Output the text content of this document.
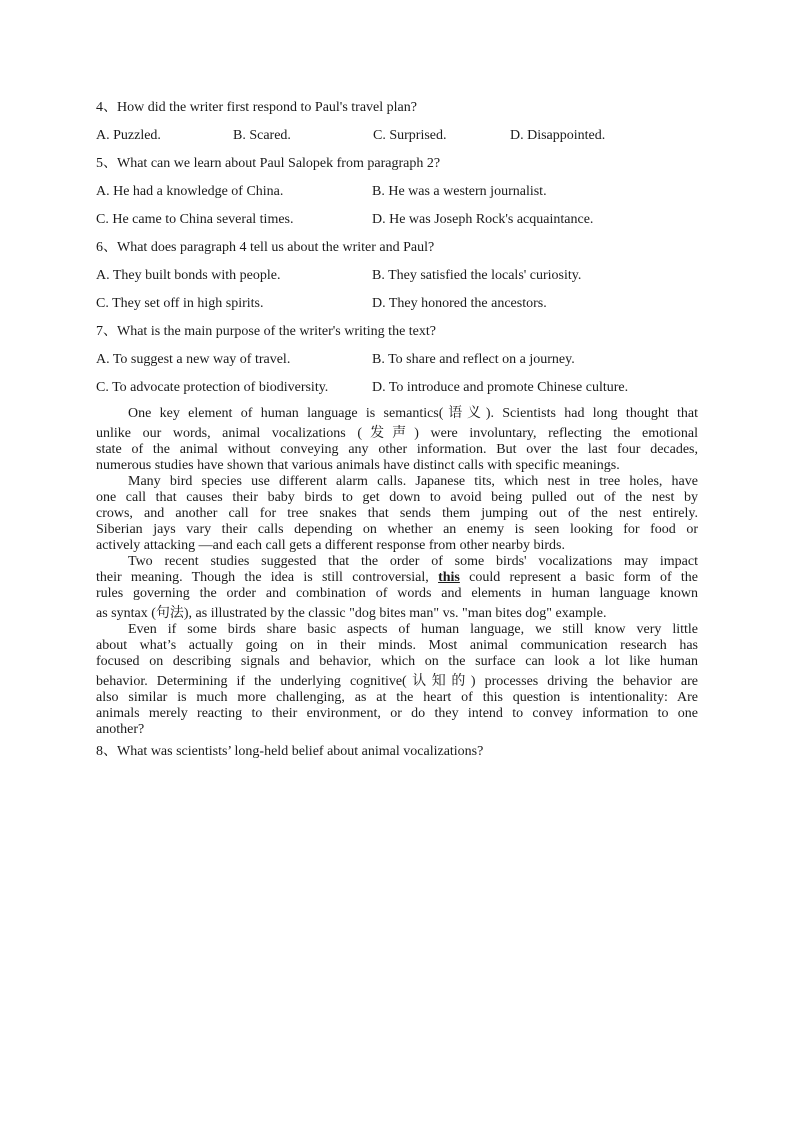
4、How did the writer first respond to Paul's travel plan?

A. Puzzled.	B. Scared.	C. Surprised.	D. Disappointed.

5、What can we learn about Paul Salopek from paragraph 2?

A. He had a knowledge of China.	B. He was a western journalist.
C. He came to China several times.	D. He was Joseph Rock's acquaintance.

6、What does paragraph 4 tell us about the writer and Paul?

A. They built bonds with people.	B. They satisfied the locals' curiosity.
C. They set off in high spirits.	D. They honored the ancestors.

7、What is the main purpose of the writer's writing the text?

A. To suggest a new way of travel.	B. To share and reflect on a journey.
C. To advocate protection of biodiversity.	D. To introduce and promote Chinese culture.
One key element of human language is semantics(语义). Scientists had long thought that
unlike our words, animal vocalizations (发声) were involuntary, reflecting the emotional
state of the animal without conveying any other information. But over the last four decades,
numerous studies have shown that various animals have distinct calls with specific meanings.
Many bird species use different alarm calls. Japanese tits, which nest in tree holes, have
one call that causes their baby birds to get down to avoid being pulled out of the nest by
crows, and another call for tree snakes that sends them jumping out of the nest entirely.
Siberian jays vary their calls depending on whether an enemy is seen looking for food or
actively attacking —and each call gets a different response from other nearby birds.
Two recent studies suggested that the order of some birds' vocalizations may impact
their meaning. Though the idea is still controversial, this could represent a basic form of the
rules governing the order and combination of words and elements in human language known
as syntax (句法), as illustrated by the classic "dog bites man" vs. "man bites dog" example.
Even if some birds share basic aspects of human language, we still know very little
about what’s actually going on in their minds. Most animal communication research has
focused on describing signals and behavior, which on the surface can look a lot like human
behavior. Determining if the underlying cognitive(认知的) processes driving the behavior are
also similar is much more challenging, as at the heart of this question is intentionality: Are
animals merely reacting to their environment, or do they intend to convey information to one
another?

8、What was scientists’ long-held belief about animal vocalizations?
